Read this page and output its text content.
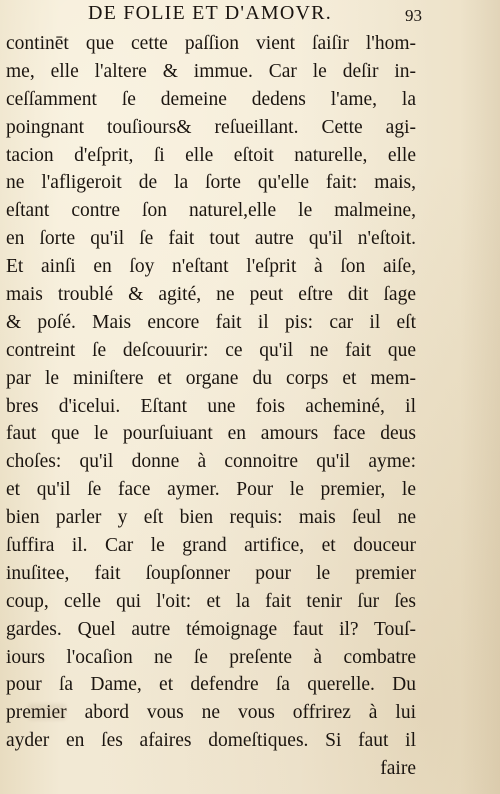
DE FOLIE ET D'AMOVR.	93
continēt que cette paſſion vient ſaiſir l'hom-
me, elle l'altere & immue. Car le deſir in-
ceſſamment ſe demeine dedens l'ame, la
poingnant touſiours& reſueillant. Cette agi-
tacion d'eſprit, ſi elle eſtoit naturelle, elle
ne l'afligeroit de la ſorte qu'elle fait: mais,
eſtant contre ſon naturel,elle le malmeine,
en ſorte qu'il ſe fait tout autre qu'il n'eſtoit.
Et ainſi en ſoy n'eſtant l'eſprit à ſon aiſe,
mais troublé & agité, ne peut eſtre dit ſage
& poſé. Mais encore fait il pis: car il eſt
contreint ſe deſcouurir: ce qu'il ne fait que
par le miniſtere et organe du corps et mem-
bres d'icelui. Eſtant une fois acheminé, il
faut que le pourſuiuant en amours face deus
choſes: qu'il donne à connoitre qu'il ayme:
et qu'il ſe face aymer. Pour le premier, le
bien parler y eſt bien requis: mais ſeul ne
ſuffira il. Car le grand artifice, et douceur
inuſitee, fait ſoupſonner pour le premier
coup, celle qui l'oit: et la fait tenir ſur ſes
gardes. Quel autre témoignage faut il? Touſ-
iours l'ocaſion ne ſe preſente à combatre
pour ſa Dame, et defendre ſa querelle. Du
premier abord vous ne vous offrirez à lui
ayder en ſes afaires domeſtiques. Si faut il
faire
